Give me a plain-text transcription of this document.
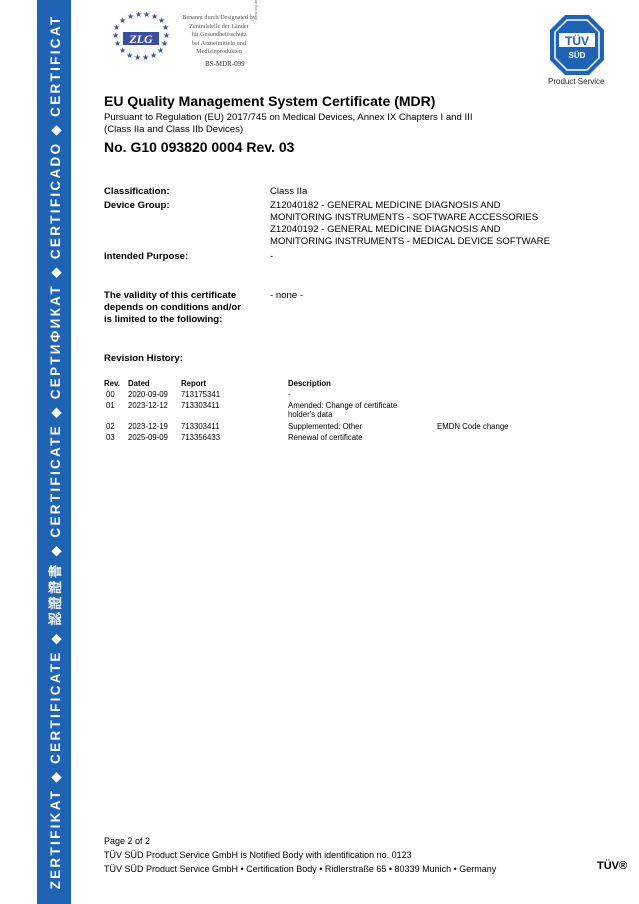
ZERTIFIKAT ◆ CERTIFICATE ◆ 認證證書 ◆ CERTIFICATE ◆ СЕРТИФИКАТ ◆ CERTIFICADO ◆ CERTIFICAT	★ ★ ★ ★ ★
★
★
★
★
★
★
★
★
★
★
★
★
★
ZLG
Benannt durch/Designated by
Zentralstelle der Länder
für Gesundheitsschutz
bei Arzneimitteln und
Medizinprodukten
www.zlg.de
BS-MDR-099
TÜV
SÜD
Product Service
EU Quality Management System Certificate (MDR)
Pursuant to Regulation (EU) 2017/745 on Medical Devices, Annex IX Chapters I and III
(Class IIa and Class IIb Devices)
No. G10 093820 0004 Rev. 03
Classification:	Class IIa
Device Group:	Z12040182 - GENERAL MEDICINE DIAGNOSIS AND
MONITORING INSTRUMENTS - SOFTWARE ACCESSORIES
Z12040192 - GENERAL MEDICINE DIAGNOSIS AND
MONITORING INSTRUMENTS - MEDICAL DEVICE SOFTWARE
Intended Purpose:	-
The validity of this certificate
depends on conditions and/or
is limited to the following:
- none -
Revision History:
Rev. Dated	Report	Description
00 2020-09-09 713175341	-
01 2023-12-12 713303411	Amended: Change of certificate
holder's data
02 2023-12-19 713303411	Supplemented: Other	EMDN Code change
03 2025-09-09 713356433	Renewal of certificate
Page 2 of 2
TÜV SÜD Product Service GmbH is Notified Body with identification no. 0123
TÜV SÜD Product Service GmbH • Certification Body • Ridlerstraße 65 • 80339 Munich • Germany	TÜV®
